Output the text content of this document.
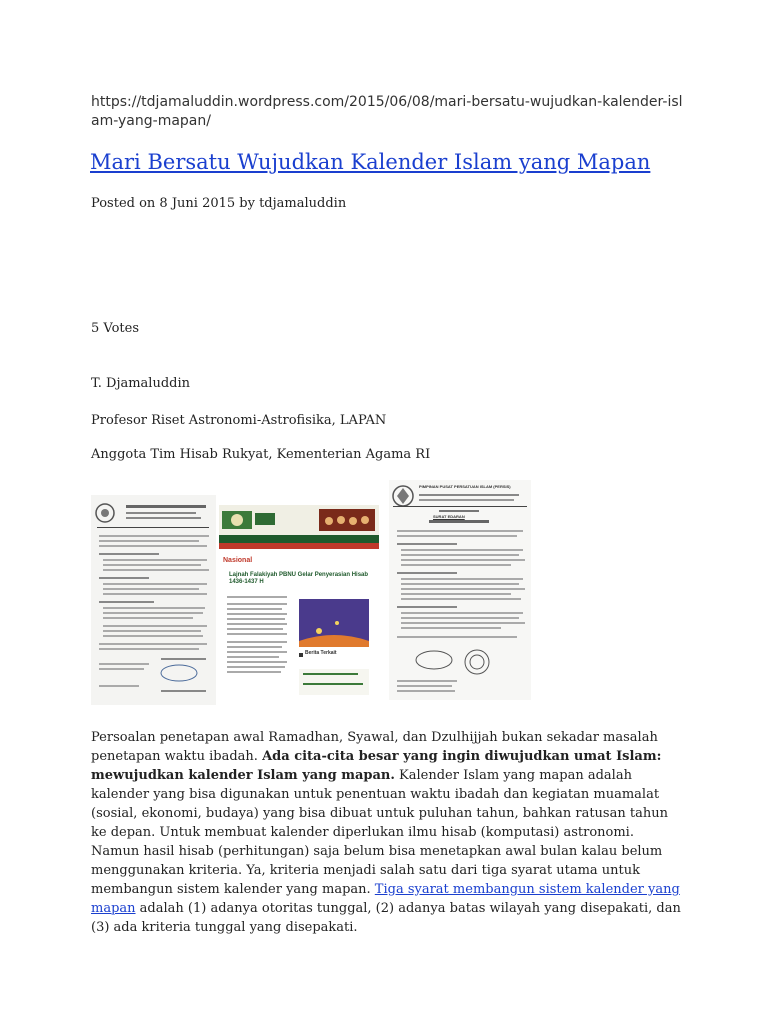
https://tdjamaluddin.wordpress.com/2015/06/08/mari-bersatu-wujudkan-kalender-islam-yang-mapan/
Mari Bersatu Wujudkan Kalender Islam yang Mapan
Posted on 8 Juni 2015 by tdjamaluddin
5 Votes
T. Djamaluddin
Profesor Riset Astronomi-Astrofisika, LAPAN
Anggota Tim Hisab Rukyat, Kementerian Agama RI
Nasional
Lajnah Falakiyah PBNU Gelar Penyerasian Hisab 1436-1437 H
Berita Terkait
PIMPINAN PUSAT PERSATUAN ISLAM (PERSIS)
SURAT EDARAN
Persoalan penetapan awal Ramadhan, Syawal, dan Dzulhijjah bukan sekadar masalah penetapan waktu ibadah. Ada cita-cita besar yang ingin diwujudkan umat Islam: mewujudkan kalender Islam yang mapan. Kalender Islam yang mapan adalah kalender yang bisa digunakan untuk penentuan waktu ibadah dan kegiatan muamalat (sosial, ekonomi, budaya) yang bisa dibuat untuk puluhan tahun, bahkan ratusan tahun ke depan. Untuk membuat kalender diperlukan ilmu hisab (komputasi) astronomi. Namun hasil hisab (perhitungan) saja belum bisa menetapkan awal bulan kalau belum menggunakan kriteria. Ya, kriteria menjadi salah satu dari tiga syarat utama untuk membangun sistem kalender yang mapan. Tiga syarat membangun sistem kalender yang mapan adalah (1) adanya otoritas tunggal, (2) adanya batas wilayah yang disepakati, dan (3) ada kriteria tunggal yang disepakati.
